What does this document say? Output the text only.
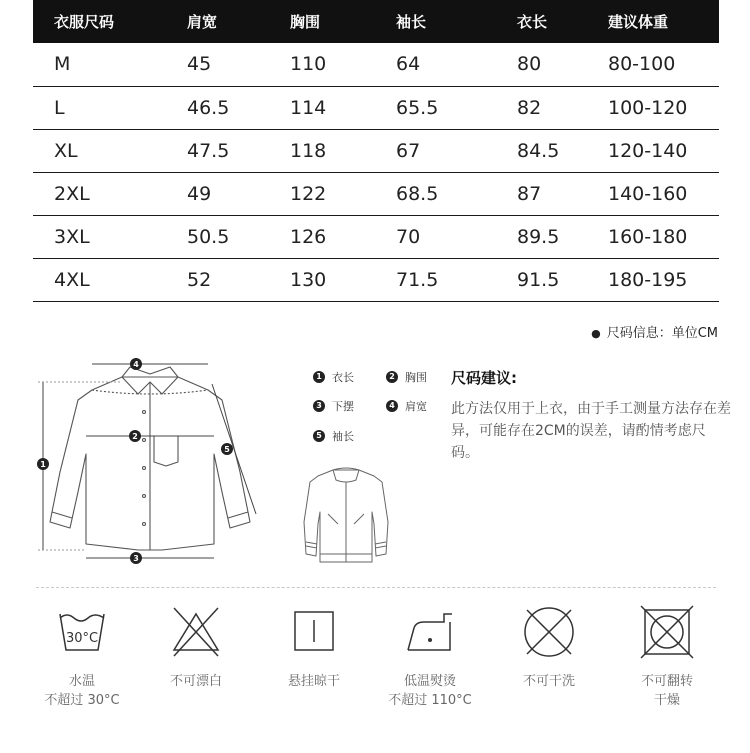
衣服尺码	肩宽	胸围	袖长	衣长	建议体重
M	45	110	64	80	80-100
L	46.5	114	65.5	82	100-120
XL	47.5	118	67	84.5	120-140
2XL	49	122	68.5	87	140-160
3XL	50.5	126	70	89.5	160-180
4XL	52	130	71.5	91.5	180-195
● 尺码信息：单位CM
1
2
3
4
5
1 衣长	2 胸围
3 下摆	4 肩宽
5 袖长
尺码建议:

此方法仅用于上衣，由于手工测量方法存在差异，可能存在2CM的误差，请酌情考虑尺码。

30°C
水温
不超过 30°C
不可漂白	悬挂晾干	低温熨烫
不超过 110°C
不可干洗	不可翻转
干燥
